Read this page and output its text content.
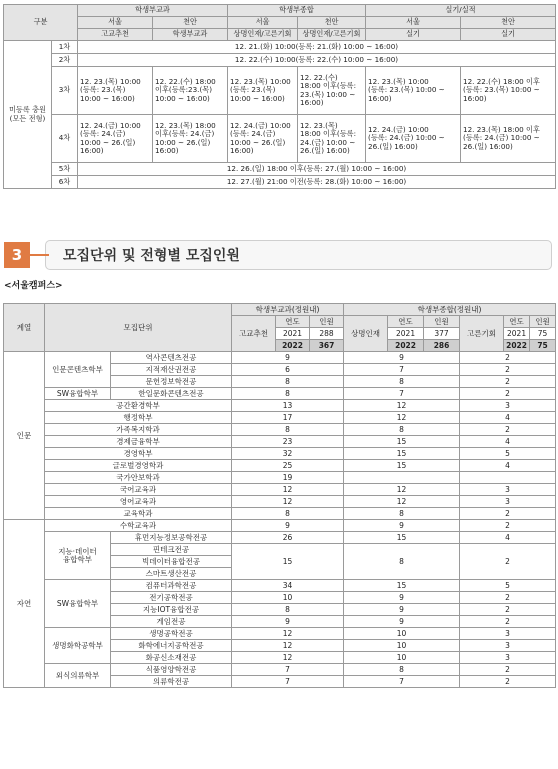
구분		학생부교과		학생부종합		실기/실적	
		서울	천안	서울	천안	서울	천안
		고교추천	학생부교과	상명인재/고른기회	상명인재/고른기회	실기	실기
미등록 충원
(모든 전형)	1차	12. 21.(화) 10:00(등록: 21.(화) 10:00 ~ 16:00)					
	2차	12. 22.(수) 10:00(등록: 22.(수) 10:00 ~ 16:00)					
	3차	12. 23.(목) 10:00
(등록: 23.(목)
10:00 ~ 16:00)	12. 22.(수) 18:00
이후(등록:23.(목)
10:00 ~ 16:00)	12. 23.(목) 10:00
(등록: 23.(목)
10:00 ~ 16:00)	12. 22.(수)
18:00 이후(등록:
23.(목) 10:00 ~
16:00)	12. 23.(목) 10:00
(등록: 23.(목) 10:00 ~
16:00)	12. 22.(수) 18:00 이후
(등록: 23.(목) 10:00 ~
16:00)
	4차	12. 24.(금) 10:00
(등록: 24.(금)
10:00 ~ 26.(일)
16:00)	12. 23.(목) 18:00
이후(등록: 24.(금)
10:00 ~ 26.(일)
16:00)	12. 24.(금) 10:00
(등록: 24.(금)
10:00 ~ 26.(일)
16:00)	12. 23.(목)
18:00 이후(등록:
24.(금) 10:00 ~
26.(일) 16:00)	12. 24.(금) 10:00
(등록: 24.(금) 10:00 ~
26.(일) 16:00)	12. 23.(목) 18:00 이후
(등록: 24.(금) 10:00 ~
26.(일) 16:00)
	5차	12. 26.(일) 18:00 이후(등록: 27.(월) 10:00 ~ 16:00)					
	6차	12. 27.(월) 21:00 이전(등록: 28.(화) 10:00 ~ 16:00)					
3	모집단위 및 전형별 모집인원
<서울캠퍼스>
계열	모집단위		학생부교과(정원내)			학생부종합(정원내)					
			고교추천	연도	인원	상명인재	연도	인원	고른기회	연도	인원
				2021	288		2021	377		2021	75
				2022	367		2022	286		2022	75
인문	인문콘텐츠학부	역사콘텐츠전공	9			9			2		
		지적재산권전공	6			7			2		
		문헌정보학전공	8			8			2		
	SW융합학부	한일문화콘텐츠전공	8			7			2		
	공간환경학부		13			12			3		
	행정학부		17			12			4		
	가족복지학과		8			8			2		
	경제금융학부		23			15			4		
	경영학부		32			15			5		
	글로벌경영학과		25			15			4		
	국가안보학과		19								
	국어교육과		12			12			3		
	영어교육과		12			12			3		
	교육학과		8			8			2		
자연	수학교육과		9			9			2		
	지능·데이터
융합학부	휴먼지능정보공학전공	26			15			4		
		핀테크전공	15			8			2		
		빅데이터융합전공									
		스마트생산전공									
	SW융합학부	컴퓨터과학전공	34			15			5		
		전기공학전공	10			9			2		
		지능IOT융합전공	8			9			2		
		게임전공	9			9			2		
	생명화학공학부	생명공학전공	12			10			3		
		화학에너지공학전공	12			10			3		
		화공신소재전공	12			10			3		
	외식의류학부	식품영양학전공	7			8			2		
		의류학전공	7			7			2		
